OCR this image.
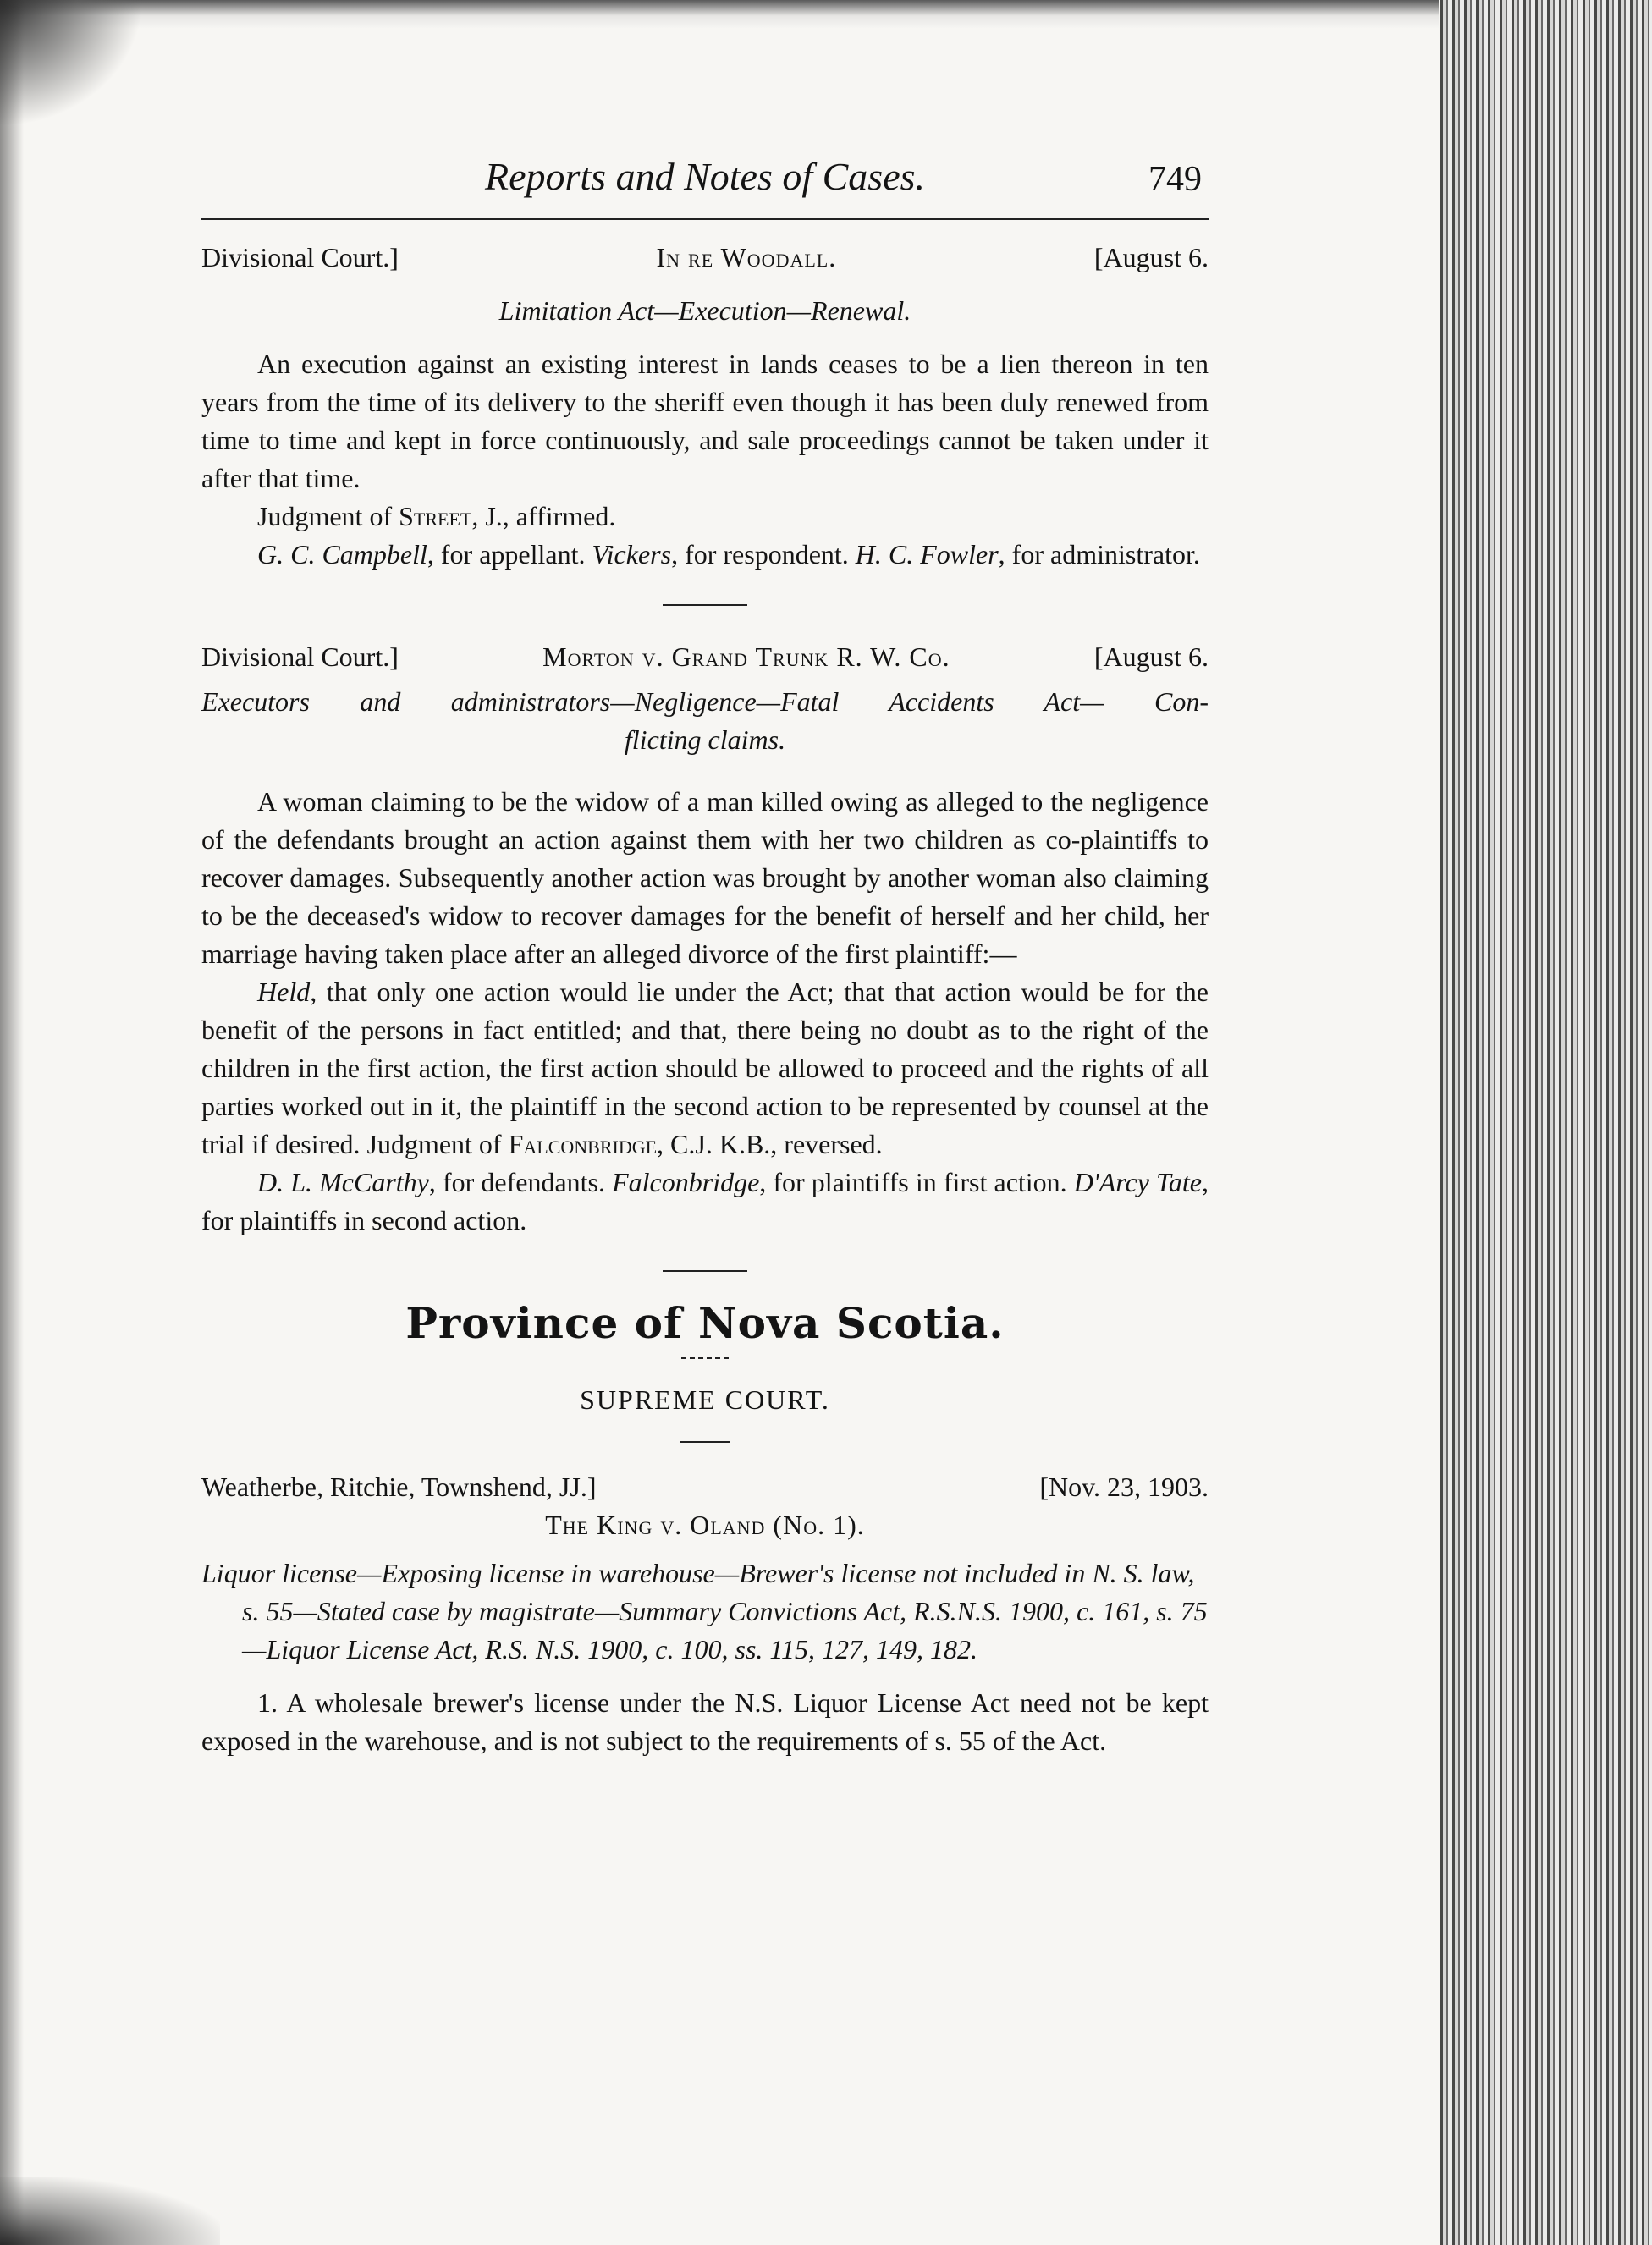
Reports and Notes of Cases.	749
Divisional Court.]	In re Woodall.	[August 6.
Limitation Act—Execution—Renewal.

An execution against an existing interest in lands ceases to be a lien thereon in ten years from the time of its delivery to the sheriff even though it has been duly renewed from time to time and kept in force continuously, and sale proceedings cannot be taken under it after that time.

Judgment of Street, J., affirmed.

G. C. Campbell, for appellant. Vickers, for respondent. H. C. Fowler, for administrator.

Divisional Court.]	Morton v. Grand Trunk R. W. Co.	[August 6.
Executors and administrators—Negligence—Fatal Accidents Act— Con-
flicting claims.

A woman claiming to be the widow of a man killed owing as alleged to the negligence of the defendants brought an action against them with her two children as co-plaintiffs to recover damages. Subsequently another action was brought by another woman also claiming to be the deceased's widow to recover damages for the benefit of herself and her child, her marriage having taken place after an alleged divorce of the first plaintiff:—

Held, that only one action would lie under the Act; that that action would be for the benefit of the persons in fact entitled; and that, there being no doubt as to the right of the children in the first action, the first action should be allowed to proceed and the rights of all parties worked out in it, the plaintiff in the second action to be represented by counsel at the trial if desired. Judgment of Falconbridge, C.J. K.B., reversed.

D. L. McCarthy, for defendants. Falconbridge, for plaintiffs in first action. D'Arcy Tate, for plaintiffs in second action.

Province of Nova Scotia.
SUPREME COURT.
Weatherbe, Ritchie, Townshend, JJ.]	[Nov. 23, 1903.
The King v. Oland (No. 1).
Liquor license—Exposing license in warehouse—Brewer's license not included in N. S. law, s. 55—Stated case by magistrate—Summary Convictions Act, R.S.N.S. 1900, c. 161, s. 75—Liquor License Act, R.S. N.S. 1900, c. 100, ss. 115, 127, 149, 182.

1. A wholesale brewer's license under the N.S. Liquor License Act need not be kept exposed in the warehouse, and is not subject to the requirements of s. 55 of the Act.
